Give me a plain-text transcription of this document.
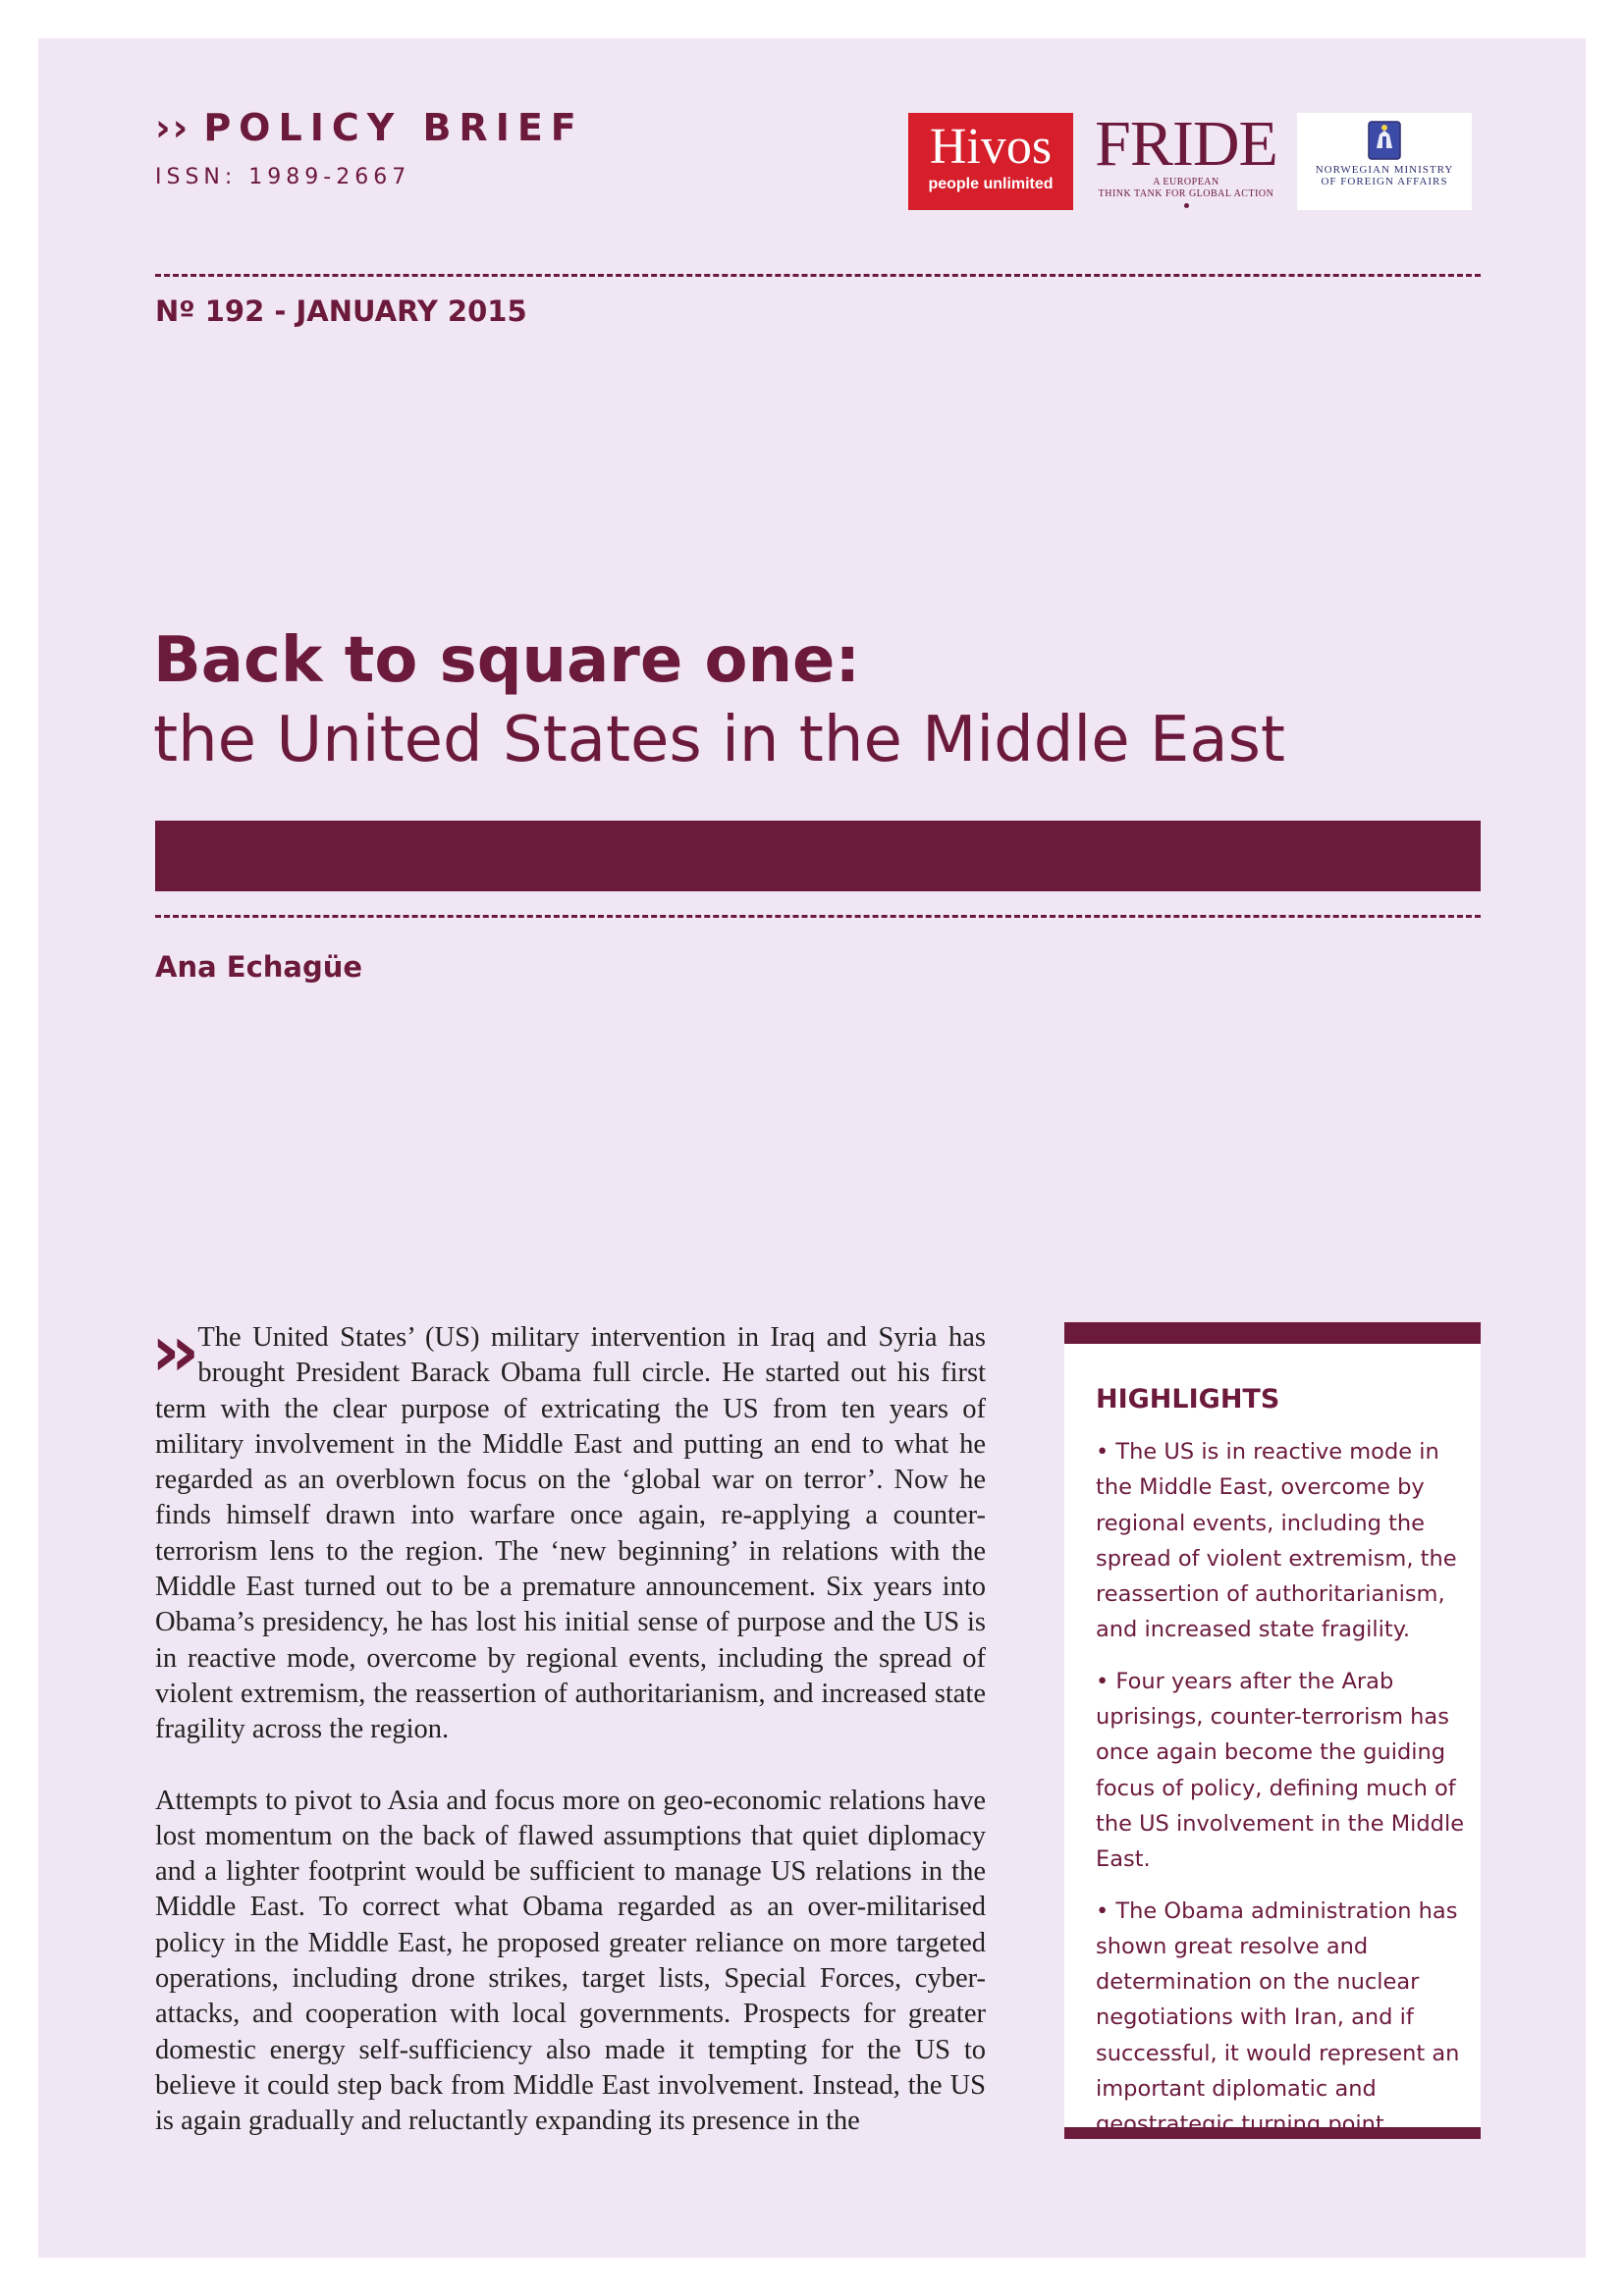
›› POLICY BRIEF
ISSN: 1989-2667
Hivos
people unlimited
FRIDE
A EUROPEAN
THINK TANK FOR GLOBAL ACTION
NORWEGIAN MINISTRY
OF FOREIGN AFFAIRS
Nº 192 - JANUARY 2015
Back to square one:
the United States in the Middle East
Ana Echagüe

›› The United States’ (US) military intervention in Iraq and Syria has brought President Barack Obama full circle. He started out his first term with the clear purpose of extricating the US from ten years of military involvement in the Middle East and putting an end to what he regarded as an overblown focus on the ‘global war on terror’. Now he finds himself drawn into warfare once again, re-applying a counter-terrorism lens to the region. The ‘new beginning’ in relations with the Middle East turned out to be a premature announcement. Six years into Obama’s presidency, he has lost his initial sense of purpose and the US is in reactive mode, overcome by regional events, including the spread of violent extremism, the reassertion of authoritarianism, and increased state fragility across the region.

Attempts to pivot to Asia and focus more on geo-economic relations have lost momentum on the back of flawed assumptions that quiet diplomacy and a lighter footprint would be sufficient to manage US relations in the Middle East. To correct what Obama regarded as an over-militarised policy in the Middle East, he proposed greater reliance on more targeted operations, including drone strikes, target lists, Special Forces, cyber-attacks, and cooperation with local governments. Prospects for greater domestic energy self-sufficiency also made it tempting for the US to believe it could step back from Middle East involvement. Instead, the US is again gradually and reluctantly expanding its presence in the

HIGHLIGHTS
• The US is in reactive mode in the Middle East, overcome by regional events, including the spread of violent extremism, the reassertion of authoritarianism, and increased state fragility.
• Four years after the Arab uprisings, counter-terrorism has once again become the guiding focus of policy, defining much of the US involvement in the Middle East.
• The Obama administration has shown great resolve and determination on the nuclear negotiations with Iran, and if successful, it would represent an important diplomatic and geostrategic turning point.
